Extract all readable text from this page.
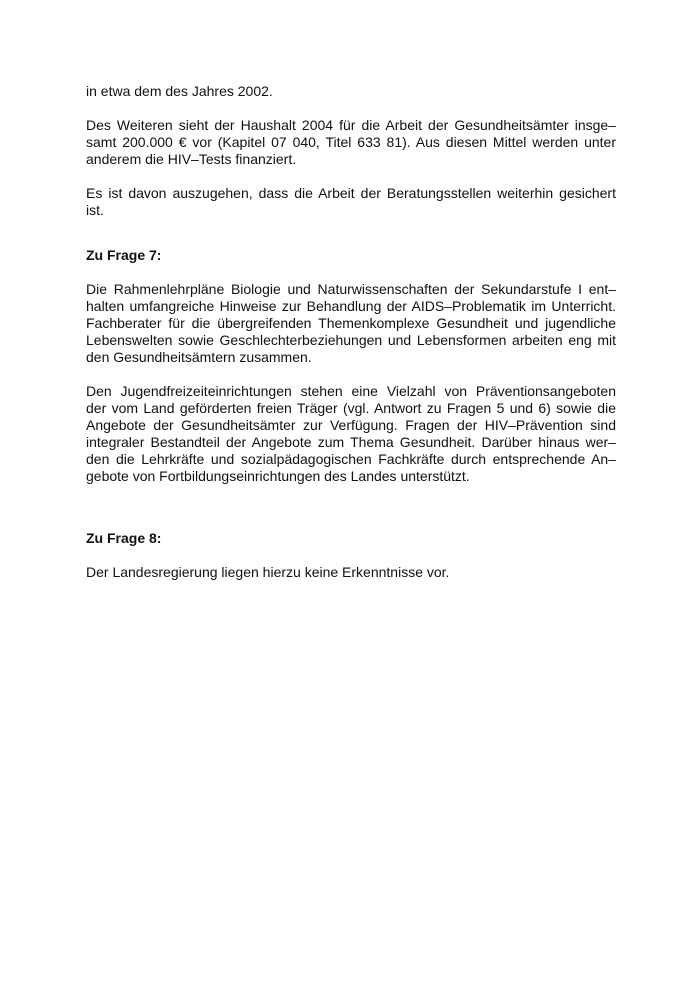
in etwa dem des Jahres 2002.

Des Weiteren sieht der Haushalt 2004 für die Arbeit der Gesundheitsämter insge–
samt 200.000 € vor (Kapitel 07 040, Titel 633 81). Aus diesen Mittel werden unter
anderem die HIV–Tests finanziert.

Es ist davon auszugehen, dass die Arbeit der Beratungsstellen weiterhin gesichert
ist.

Zu Frage 7:

Die Rahmenlehrpläne Biologie und Naturwissenschaften der Sekundarstufe I ent–
halten umfangreiche Hinweise zur Behandlung der AIDS–Problematik im Unterricht.
Fachberater für die übergreifenden Themenkomplexe Gesundheit und jugendliche
Lebenswelten sowie Geschlechterbeziehungen und Lebensformen arbeiten eng mit
den Gesundheitsämtern zusammen.

Den Jugendfreizeiteinrichtungen stehen eine Vielzahl von Präventionsangeboten
der vom Land geförderten freien Träger (vgl. Antwort zu Fragen 5 und 6) sowie die
Angebote der Gesundheitsämter zur Verfügung. Fragen der HIV–Prävention sind
integraler Bestandteil der Angebote zum Thema Gesundheit. Darüber hinaus wer–
den die Lehrkräfte und sozialpädagogischen Fachkräfte durch entsprechende An–
gebote von Fortbildungseinrichtungen des Landes unterstützt.

Zu Frage 8:

Der Landesregierung liegen hierzu keine Erkenntnisse vor.
